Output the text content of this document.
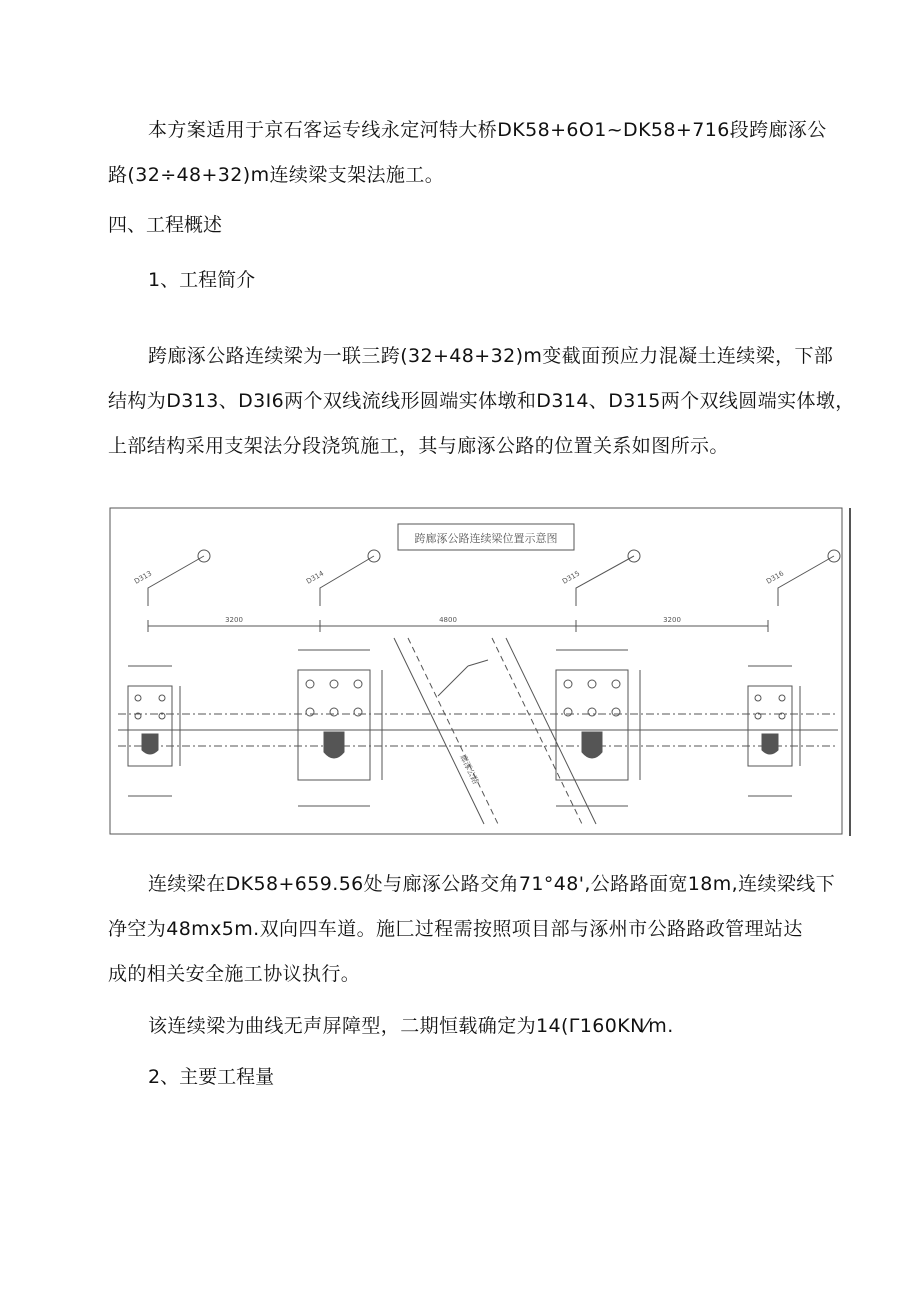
本方案适用于京石客运专线永定河特大桥DK58+6O1~DK58+716段跨廊涿公
路(32÷48+32)m连续梁支架法施工。
四、工程概述
1、工程简介
跨廊涿公路连续梁为一联三跨(32+48+32)m变截面预应力混凝土连续梁，下部
结构为D313、D3I6两个双线流线形圆端实体墩和D314、D315两个双线圆端实体墩，
上部结构采用支架法分段浇筑施工，其与廊涿公路的位置关系如图所示。
跨廊涿公路连续梁位置示意图
3200	4800	3200
D313	D314	D315	D316
廊涿公路
连续梁在DK58+659.56处与廊涿公路交角71°48',公路路面宽18m,连续梁线下
净空为48mx5m.双向四车道。施匚过程需按照项目部与涿州市公路路政管理站达
成的相关安全施工协议执行。
该连续梁为曲线无声屏障型，二期恒载确定为14(Γ160KN⁄m.
2、主要工程量
